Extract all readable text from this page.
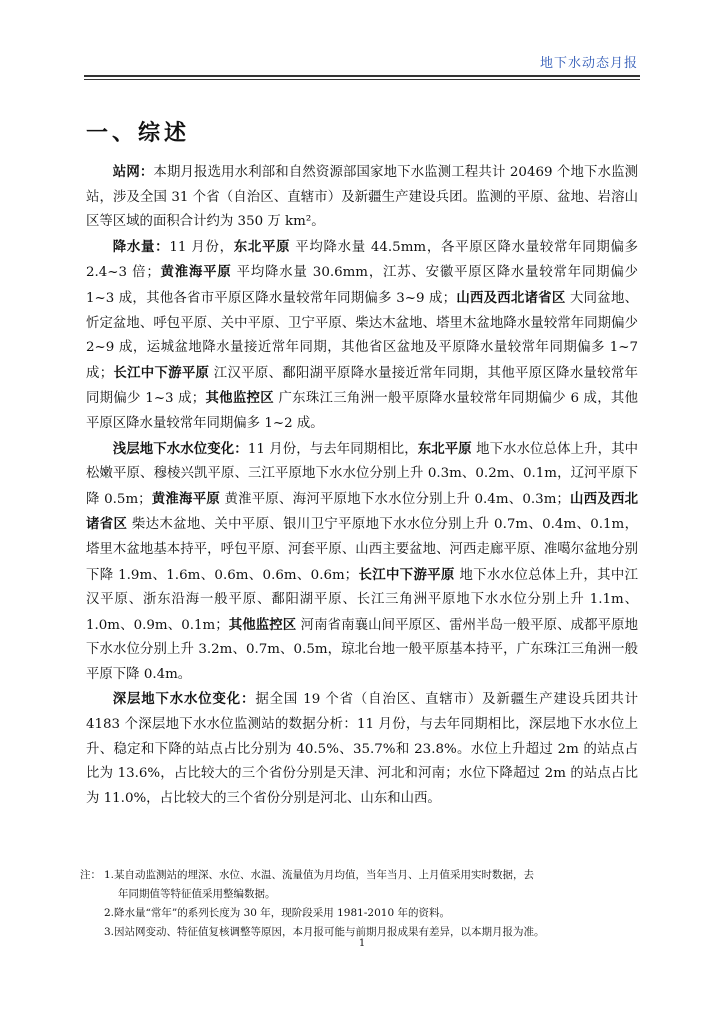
地下水动态月报
一、综述

站网：本期月报选用水利部和自然资源部国家地下水监测工程共计 20469 个地下水监测站，涉及全国 31 个省（自治区、直辖市）及新疆生产建设兵团。监测的平原、盆地、岩溶山区等区域的面积合计约为 350 万 km²。

降水量：11 月份，东北平原 平均降水量 44.5mm，各平原区降水量较常年同期偏多 2.4~3 倍；黄淮海平原 平均降水量 30.6mm，江苏、安徽平原区降水量较常年同期偏少 1~3 成，其他各省市平原区降水量较常年同期偏多 3~9 成；山西及西北诸省区 大同盆地、忻定盆地、呼包平原、关中平原、卫宁平原、柴达木盆地、塔里木盆地降水量较常年同期偏少 2~9 成，运城盆地降水量接近常年同期，其他省区盆地及平原降水量较常年同期偏多 1~7 成；长江中下游平原 江汉平原、鄱阳湖平原降水量接近常年同期，其他平原区降水量较常年同期偏少 1~3 成；其他监控区 广东珠江三角洲一般平原降水量较常年同期偏少 6 成，其他平原区降水量较常年同期偏多 1~2 成。

浅层地下水水位变化：11 月份，与去年同期相比，东北平原 地下水水位总体上升，其中松嫩平原、穆棱兴凯平原、三江平原地下水水位分别上升 0.3m、0.2m、0.1m，辽河平原下降 0.5m；黄淮海平原 黄淮平原、海河平原地下水水位分别上升 0.4m、0.3m；山西及西北诸省区 柴达木盆地、关中平原、银川卫宁平原地下水水位分别上升 0.7m、0.4m、0.1m，塔里木盆地基本持平，呼包平原、河套平原、山西主要盆地、河西走廊平原、准噶尔盆地分别下降 1.9m、1.6m、0.6m、0.6m、0.6m；长江中下游平原 地下水水位总体上升，其中江汉平原、浙东沿海一般平原、鄱阳湖平原、长江三角洲平原地下水水位分别上升 1.1m、1.0m、0.9m、0.1m；其他监控区 河南省南襄山间平原区、雷州半岛一般平原、成都平原地下水水位分别上升 3.2m、0.7m、0.5m，琼北台地一般平原基本持平，广东珠江三角洲一般平原下降 0.4m。

深层地下水水位变化：据全国 19 个省（自治区、直辖市）及新疆生产建设兵团共计 4183 个深层地下水水位监测站的数据分析：11 月份，与去年同期相比，深层地下水水位上升、稳定和下降的站点占比分别为 40.5%、35.7%和 23.8%。水位上升超过 2m 的站点占比为 13.6%，占比较大的三个省份分别是天津、河北和河南；水位下降超过 2m 的站点占比为 11.0%，占比较大的三个省份分别是河北、山东和山西。

注： 1.某自动监测站的埋深、水位、水温、流量值为月均值，当年当月、上月值采用实时数据，去
年同期值等特征值采用整编数据。
2.降水量“常年”的系列长度为 30 年，现阶段采用 1981-2010 年的资料。
3.因站网变动、特征值复核调整等原因，本月报可能与前期月报成果有差异，以本期月报为准。
1
